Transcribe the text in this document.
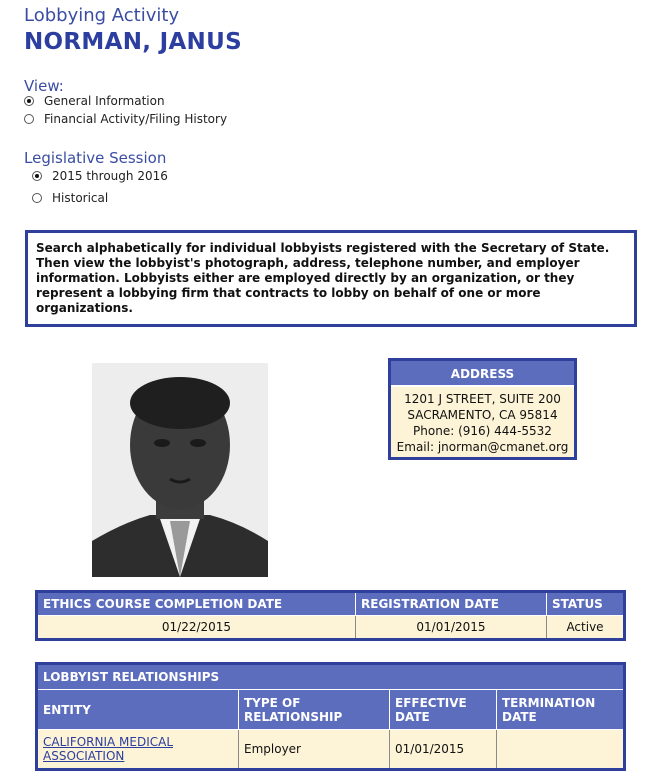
Lobbying Activity
NORMAN, JANUS
View:
General Information
Financial Activity/Filing History
Legislative Session
2015 through 2016
Historical
Search alphabetically for individual lobbyists registered with the Secretary of State. Then view the lobbyist's photograph, address, telephone number, and employer information. Lobbyists either are employed directly by an organization, or they represent a lobbying firm that contracts to lobby on behalf of one or more organizations.
ADDRESS
1201 J STREET, SUITE 200
SACRAMENTO, CA 95814
Phone: (916) 444-5532
Email: jnorman@cmanet.org
ETHICS COURSE COMPLETION DATE	REGISTRATION DATE	STATUS
01/22/2015	01/01/2015	Active
LOBBYIST RELATIONSHIPS			
ENTITY	TYPE OF RELATIONSHIP	EFFECTIVE DATE	TERMINATION DATE
CALIFORNIA MEDICAL ASSOCIATION	Employer	01/01/2015	
